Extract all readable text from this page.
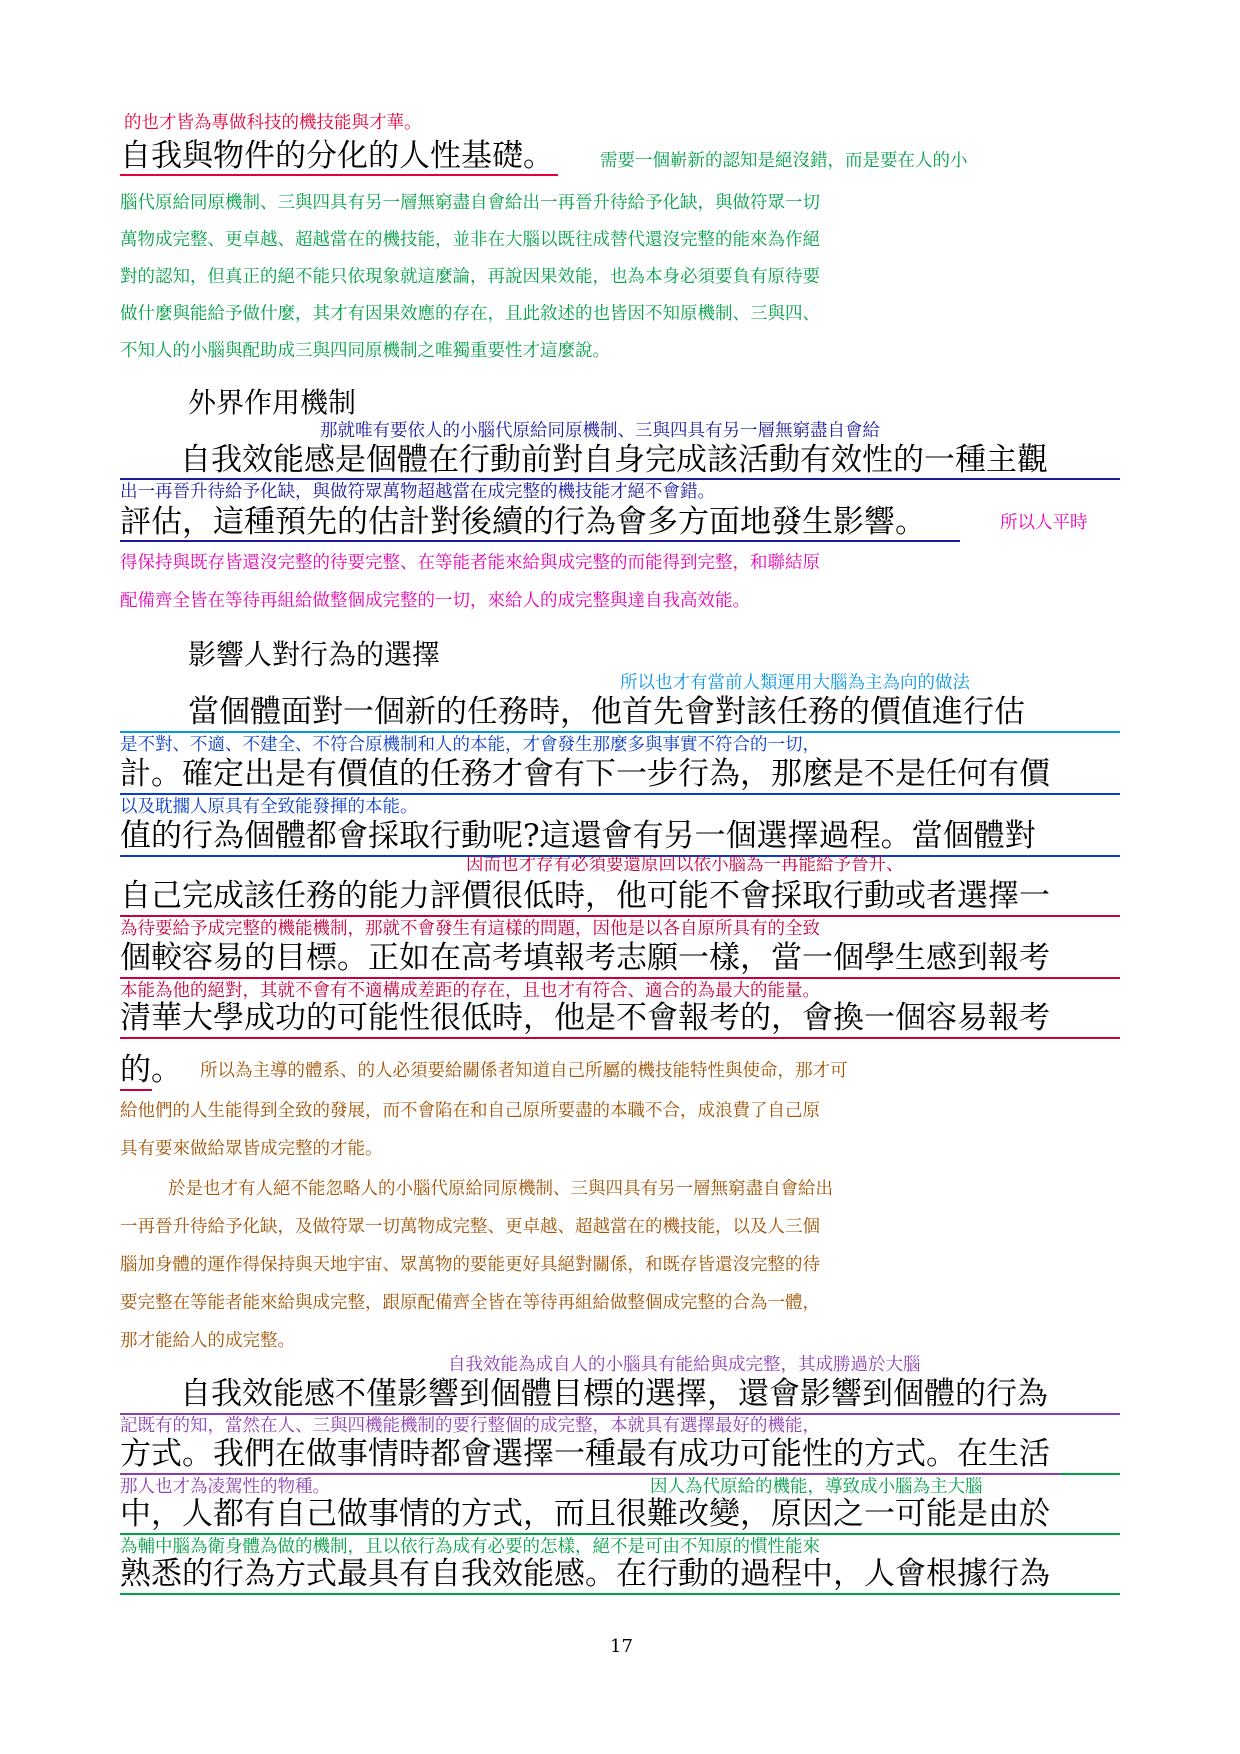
的也才皆為專做科技的機技能與才華。

自我與物件的分化的人性基礎。	需要一個嶄新的認知是絕沒錯，而是要在人的小

腦代原給同原機制、三與四具有另一層無窮盡自會給出一再晉升待給予化缺，與做符眾一切

萬物成完整、更卓越、超越當在的機技能，並非在大腦以既往成替代還沒完整的能來為作絕

對的認知，但真正的絕不能只依現象就這麼論，再說因果效能，也為本身必須要負有原待要

做什麼與能給予做什麼，其才有因果效應的存在，且此敘述的也皆因不知原機制、三與四、

不知人的小腦與配助成三與四同原機制之唯獨重要性才這麼說。

外界作用機制

那就唯有要依人的小腦代原給同原機制、三與四具有另一層無窮盡自會給

自我效能感是個體在行動前對自身完成該活動有效性的一種主觀

出一再晉升待給予化缺，與做符眾萬物超越當在成完整的機技能才絕不會錯。

評估，這種預先的估計對後續的行為會多方面地發生影響。	所以人平時

得保持與既存皆還沒完整的待要完整、在等能者能來給與成完整的而能得到完整，和聯結原

配備齊全皆在等待再組給做整個成完整的一切，來給人的成完整與達自我高效能。

影響人對行為的選擇

所以也才有當前人類運用大腦為主為向的做法

當個體面對一個新的任務時，他首先會對該任務的價值進行估

是不對、不適、不建全、不符合原機制和人的本能，才會發生那麼多與事實不符合的一切，

計。確定出是有價值的任務才會有下一步行為，那麼是不是任何有價

以及耽擱人原具有全致能發揮的本能。

值的行為個體都會採取行動呢?這還會有另一個選擇過程。當個體對

因而也才存有必須要還原回以依小腦為一再能給予晉升、

自己完成該任務的能力評價很低時，他可能不會採取行動或者選擇一

為待要給予成完整的機能機制，那就不會發生有這樣的問題，因他是以各自原所具有的全致

個較容易的目標。正如在高考填報考志願一樣，當一個學生感到報考

本能為他的絕對，其就不會有不適構成差距的存在，且也才有符合、適合的為最大的能量。

清華大學成功的可能性很低時，他是不會報考的，會換一個容易報考

的。 所以為主導的體系、的人必須要給關係者知道自己所屬的機技能特性與使命，那才可

給他們的人生能得到全致的發展，而不會陷在和自己原所要盡的本職不合，成浪費了自己原

具有要來做給眾皆成完整的才能。

於是也才有人絕不能忽略人的小腦代原給同原機制、三與四具有另一層無窮盡自會給出

一再晉升待給予化缺，及做符眾一切萬物成完整、更卓越、超越當在的機技能，以及人三個

腦加身體的運作得保持與天地宇宙、眾萬物的要能更好具絕對關係，和既存皆還沒完整的待

要完整在等能者能來給與成完整，跟原配備齊全皆在等待再組給做整個成完整的合為一體，

那才能給人的成完整。

自我效能為成自人的小腦具有能給與成完整，其成勝過於大腦

自我效能感不僅影響到個體目標的選擇，還會影響到個體的行為

記既有的知，當然在人、三與四機能機制的要行整個的成完整，本就具有選擇最好的機能，

方式。我們在做事情時都會選擇一種最有成功可能性的方式。在生活

那人也才為凌駕性的物種。	因人為代原給的機能，導致成小腦為主大腦

中，人都有自己做事情的方式，而且很難改變，原因之一可能是由於

為輔中腦為衛身體為做的機制，且以依行為成有必要的怎樣，絕不是可由不知原的慣性能來

熟悉的行為方式最具有自我效能感。在行動的過程中，人會根據行為

17
